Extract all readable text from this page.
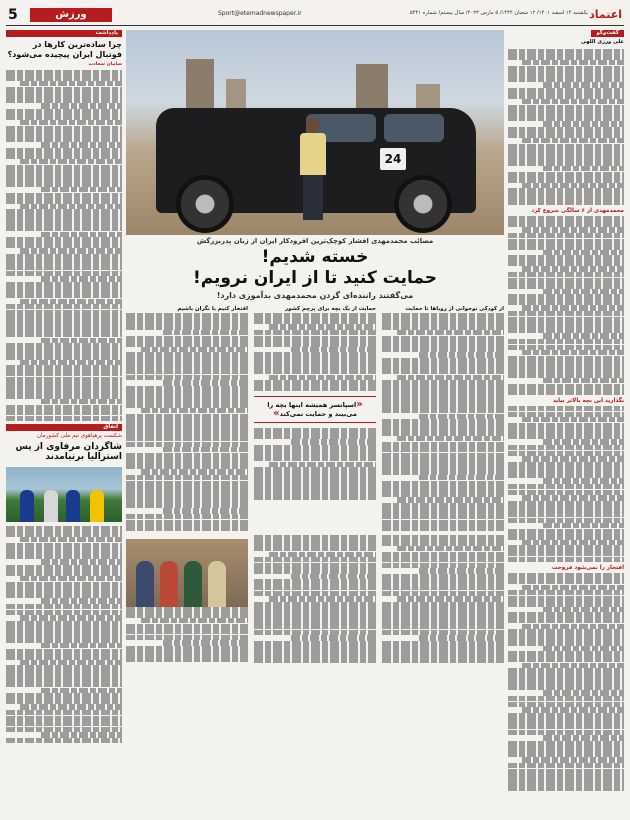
5	ورزش	Sport@etemadnewspaper.ir	یکشنبه ۱۴ اسفند ۱۴۰۱/ ۱۲ شعبان ۱۴۴۴/ ۵ مارس ۲۰۲۳/ سال بیستم/ شماره ۵۴۴۱ اعتماد
یادداشت
چرا ساده‌ترین کارها در فوتبال ایران پیچیده می‌شود؟
سامان سعادت
اتفاق
شکست پرهیاهوی تیم ملی کشورمان
شاگردان مرفاوی از پس استرالیا برنیامدند
24
مصائب محمدمهدی افشار کوچک‌ترین افرودکار ایران از زبان پدربزرگش
خسته شدیم!
حمایت کنید تا از ایران نرویم!
می‌گفتند راننده‌ای گردن محمدمهدی بدآموزی دارد!
از کودکی نوجوانی از رویاها تا حمایت
حمایت از یک بچه برای پرچم کشور
«اسپانسر همیشه اینها بچه را می‌بیند و حمایت نمی‌کند»
افتخار کنیم یا نگران باشیم
گفت‌وگو
علی ورزی اللهی
محمدمهدی از ۶ سالگی شروع کرد
بگذارید این بچه بالاتر بیاید
افتخار را نمی‌شود فروخت
